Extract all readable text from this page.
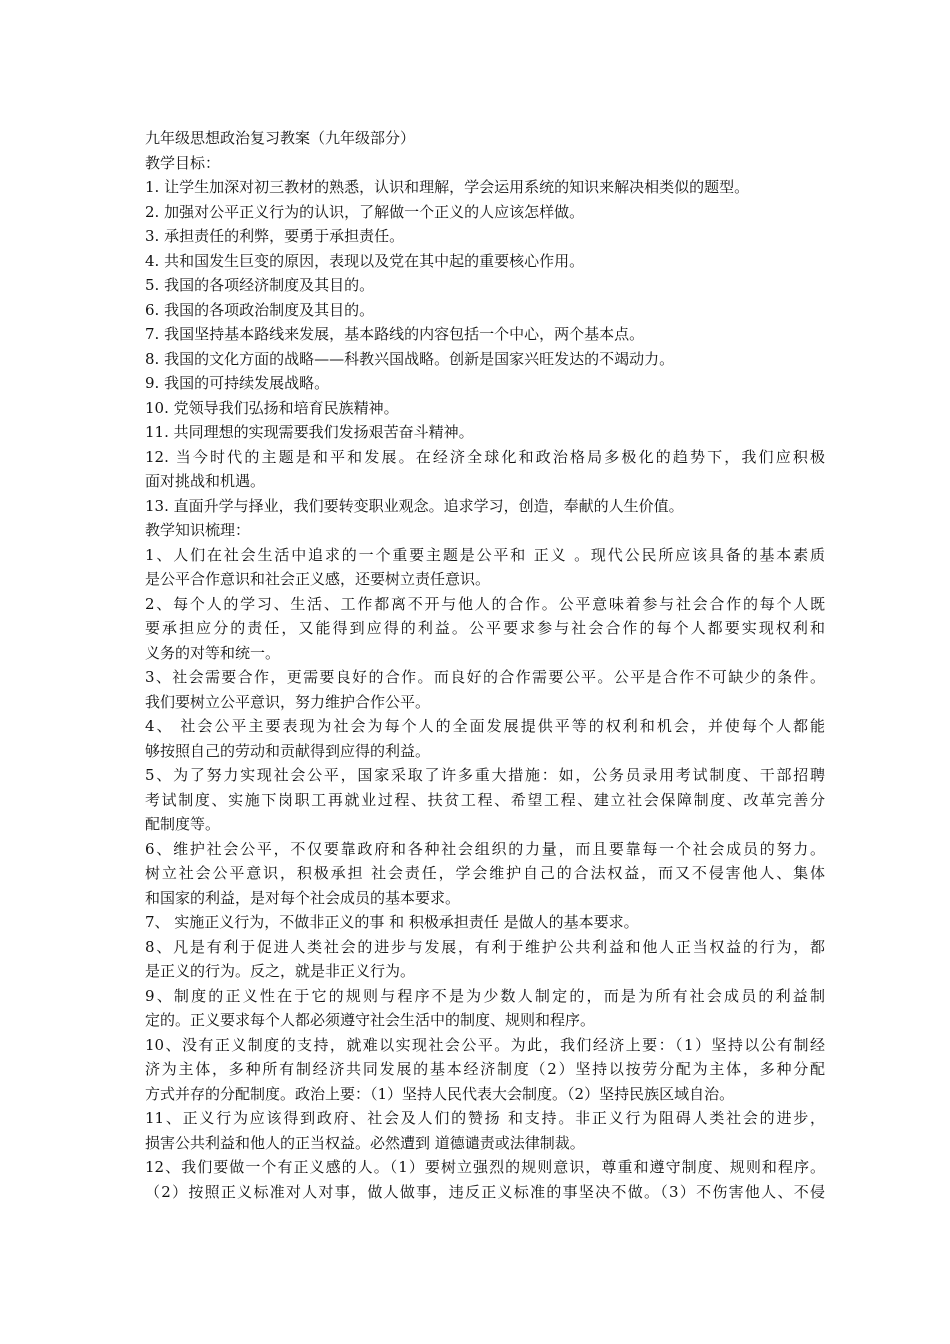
九年级思想政治复习教案（九年级部分）
教学目标：
1. 让学生加深对初三教材的熟悉，认识和理解，学会运用系统的知识来解决相类似的题型。
2. 加强对公平正义行为的认识，了解做一个正义的人应该怎样做。
3. 承担责任的利弊，要勇于承担责任。
4. 共和国发生巨变的原因，表现以及党在其中起的重要核心作用。
5. 我国的各项经济制度及其目的。
6. 我国的各项政治制度及其目的。
7. 我国坚持基本路线来发展，基本路线的内容包括一个中心，两个基本点。
8. 我国的文化方面的战略——科教兴国战略。创新是国家兴旺发达的不竭动力。
9. 我国的可持续发展战略。
10. 党领导我们弘扬和培育民族精神。
11. 共同理想的实现需要我们发扬艰苦奋斗精神。
12. 当今时代的主题是和平和发展。在经济全球化和政治格局多极化的趋势下，我们应积极
面对挑战和机遇。
13. 直面升学与择业，我们要转变职业观念。追求学习，创造，奉献的人生价值。
教学知识梳理：
1、人们在社会生活中追求的一个重要主题是公平和 正义 。现代公民所应该具备的基本素质
是公平合作意识和社会正义感，还要树立责任意识。
2、每个人的学习、生活、工作都离不开与他人的合作。公平意味着参与社会合作的每个人既
要承担应分的责任，又能得到应得的利益。公平要求参与社会合作的每个人都要实现权利和
义务的对等和统一。
3、社会需要合作，更需要良好的合作。而良好的合作需要公平。公平是合作不可缺少的条件。
我们要树立公平意识，努力维护合作公平。
4、 社会公平主要表现为社会为每个人的全面发展提供平等的权利和机会，并使每个人都能
够按照自己的劳动和贡献得到应得的利益。
5、为了努力实现社会公平，国家采取了许多重大措施：如，公务员录用考试制度、干部招聘
考试制度、实施下岗职工再就业过程、扶贫工程、希望工程、建立社会保障制度、改革完善分
配制度等。
6、维护社会公平，不仅要靠政府和各种社会组织的力量，而且要靠每一个社会成员的努力。
树立社会公平意识，积极承担 社会责任，学会维护自己的合法权益，而又不侵害他人、集体
和国家的利益，是对每个社会成员的基本要求。
7、 实施正义行为，不做非正义的事 和 积极承担责任 是做人的基本要求。
8、凡是有利于促进人类社会的进步与发展，有利于维护公共利益和他人正当权益的行为，都
是正义的行为。反之，就是非正义行为。
9、制度的正义性在于它的规则与程序不是为少数人制定的，而是为所有社会成员的利益制
定的。正义要求每个人都必须遵守社会生活中的制度、规则和程序。
10、没有正义制度的支持，就难以实现社会公平。为此，我们经济上要：（1）坚持以公有制经
济为主体，多种所有制经济共同发展的基本经济制度（2）坚持以按劳分配为主体，多种分配
方式并存的分配制度。政治上要：（1）坚持人民代表大会制度。（2）坚持民族区域自治。
11、正义行为应该得到政府、社会及人们的赞扬 和支持。非正义行为阻碍人类社会的进步，
损害公共利益和他人的正当权益。必然遭到 道德谴责或法律制裁。
12、我们要做一个有正义感的人。（1）要树立强烈的规则意识，尊重和遵守制度、规则和程序。
（2）按照正义标准对人对事，做人做事，违反正义标准的事坚决不做。（3）不伤害他人、不侵
